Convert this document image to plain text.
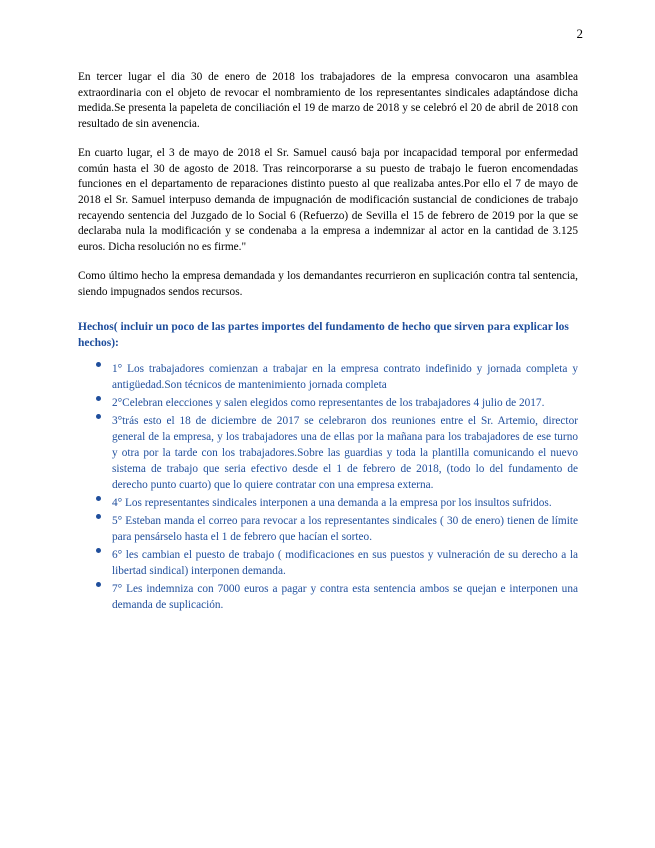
2

En tercer lugar el dia 30 de enero de 2018 los trabajadores de la empresa convocaron una asamblea extraordinaria con el objeto de revocar el nombramiento de los representantes sindicales adaptándose dicha medida.Se presenta la papeleta de conciliación el 19 de marzo de 2018 y se celebró el 20 de abril de 2018 con resultado de sin avenencia.

En cuarto lugar, el 3 de mayo de 2018 el Sr. Samuel causó baja por incapacidad temporal por enfermedad común hasta el 30 de agosto de 2018. Tras reincorporarse a su puesto de trabajo le fueron encomendadas funciones en el departamento de reparaciones distinto puesto al que realizaba antes.Por ello el 7 de mayo de 2018 el Sr. Samuel interpuso demanda de impugnación de modificación sustancial de condiciones de trabajo recayendo sentencia del Juzgado de lo Social 6 (Refuerzo) de Sevilla el 15 de febrero de 2019 por la que se declaraba nula la modificación y se condenaba a la empresa a indemnizar al actor en la cantidad de 3.125 euros. Dicha resolución no es firme."

Como último hecho la empresa demandada y los demandantes recurrieron en suplicación contra tal sentencia, siendo impugnados sendos recursos.

Hechos( incluir un poco de las partes importes del fundamento de hecho que sirven para explicar los hechos):

1° Los trabajadores comienzan a trabajar en la empresa contrato indefinido y jornada completa y antigüedad.Son técnicos de mantenimiento jornada completa
2°Celebran elecciones y salen elegidos como representantes de los trabajadores 4 julio de 2017.
3°trás esto el 18 de diciembre de 2017 se celebraron dos reuniones entre el Sr. Artemio, director general de la empresa, y los trabajadores una de ellas por la mañana para los trabajadores de ese turno y otra por la tarde con los trabajadores.Sobre las guardias y toda la plantilla comunicando el nuevo sistema de trabajo que seria efectivo desde el 1 de febrero de 2018, (todo lo del fundamento de derecho punto cuarto) que lo quiere contratar con una empresa externa.
4° Los representantes sindicales interponen a una demanda a la empresa por los insultos sufridos.
5° Esteban manda el correo para revocar a los representantes sindicales ( 30 de enero) tienen de límite para pensárselo hasta el 1 de febrero que hacían el sorteo.
6° les cambian el puesto de trabajo ( modificaciones en sus puestos y vulneración de su derecho a la libertad sindical) interponen demanda.
7° Les indemniza con 7000 euros a pagar y contra esta sentencia ambos se quejan e interponen una demanda de suplicación.
